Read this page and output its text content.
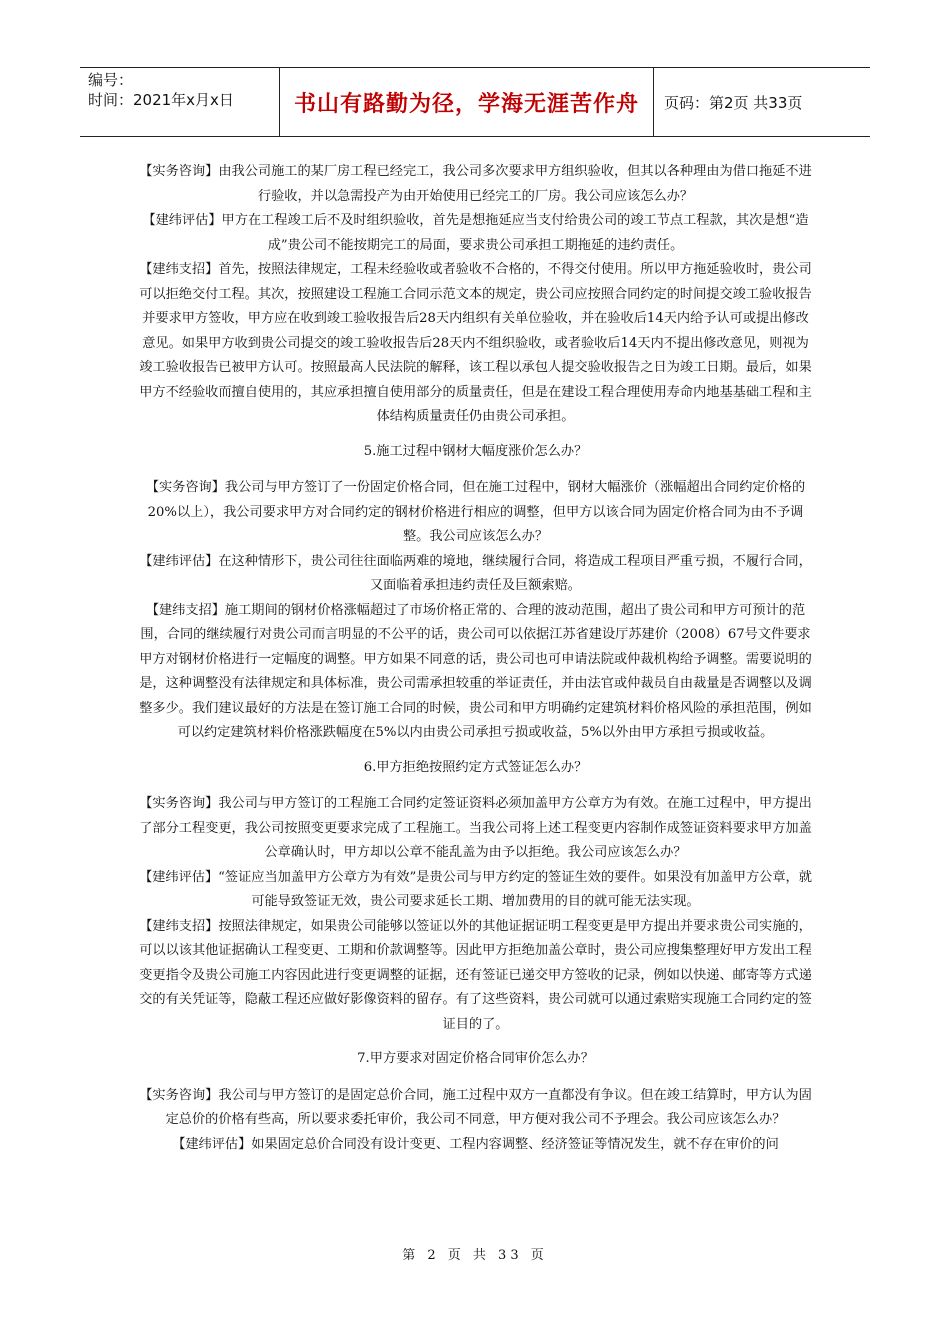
编号：
时间：2021年x月x日	书山有路勤为径，学海无涯苦作舟 页码：第2页 共33页

【实务咨询】由我公司施工的某厂房工程已经完工，我公司多次要求甲方组织验收，但其以各种理由为借口拖延不进行验收，并以急需投产为由开始使用已经完工的厂房。我公司应该怎么办？

【建纬评估】甲方在工程竣工后不及时组织验收，首先是想拖延应当支付给贵公司的竣工节点工程款，其次是想“造成”贵公司不能按期完工的局面，要求贵公司承担工期拖延的违约责任。

【建纬支招】首先，按照法律规定，工程未经验收或者验收不合格的，不得交付使用。所以甲方拖延验收时，贵公司可以拒绝交付工程。其次，按照建设工程施工合同示范文本的规定，贵公司应按照合同约定的时间提交竣工验收报告并要求甲方签收，甲方应在收到竣工验收报告后28天内组织有关单位验收，并在验收后14天内给予认可或提出修改意见。如果甲方收到贵公司提交的竣工验收报告后28天内不组织验收，或者验收后14天内不提出修改意见，则视为竣工验收报告已被甲方认可。按照最高人民法院的解释，该工程以承包人提交验收报告之日为竣工日期。最后，如果甲方不经验收而擅自使用的，其应承担擅自使用部分的质量责任，但是在建设工程合理使用寿命内地基基础工程和主体结构质量责任仍由贵公司承担。

5.施工过程中钢材大幅度涨价怎么办？

【实务咨询】我公司与甲方签订了一份固定价格合同，但在施工过程中，钢材大幅涨价（涨幅超出合同约定价格的20%以上），我公司要求甲方对合同约定的钢材价格进行相应的调整，但甲方以该合同为固定价格合同为由不予调整。我公司应该怎么办？

【建纬评估】在这种情形下，贵公司往往面临两难的境地，继续履行合同，将造成工程项目严重亏损，不履行合同，又面临着承担违约责任及巨额索赔。

【建纬支招】施工期间的钢材价格涨幅超过了市场价格正常的、合理的波动范围，超出了贵公司和甲方可预计的范围，合同的继续履行对贵公司而言明显的不公平的话，贵公司可以依据江苏省建设厅苏建价（2008）67号文件要求甲方对钢材价格进行一定幅度的调整。甲方如果不同意的话，贵公司也可申请法院或仲裁机构给予调整。需要说明的是，这种调整没有法律规定和具体标准，贵公司需承担较重的举证责任，并由法官或仲裁员自由裁量是否调整以及调整多少。我们建议最好的方法是在签订施工合同的时候，贵公司和甲方明确约定建筑材料价格风险的承担范围，例如可以约定建筑材料价格涨跌幅度在5%以内由贵公司承担亏损或收益，5%以外由甲方承担亏损或收益。

6.甲方拒绝按照约定方式签证怎么办？

【实务咨询】我公司与甲方签订的工程施工合同约定签证资料必须加盖甲方公章方为有效。在施工过程中，甲方提出了部分工程变更，我公司按照变更要求完成了工程施工。当我公司将上述工程变更内容制作成签证资料要求甲方加盖公章确认时，甲方却以公章不能乱盖为由予以拒绝。我公司应该怎么办？

【建纬评估】“签证应当加盖甲方公章方为有效”是贵公司与甲方约定的签证生效的要件。如果没有加盖甲方公章，就可能导致签证无效，贵公司要求延长工期、增加费用的目的就可能无法实现。

【建纬支招】按照法律规定，如果贵公司能够以签证以外的其他证据证明工程变更是甲方提出并要求贵公司实施的，可以以该其他证据确认工程变更、工期和价款调整等。因此甲方拒绝加盖公章时，贵公司应搜集整理好甲方发出工程变更指令及贵公司施工内容因此进行变更调整的证据，还有签证已递交甲方签收的记录，例如以快递、邮寄等方式递交的有关凭证等，隐蔽工程还应做好影像资料的留存。有了这些资料，贵公司就可以通过索赔实现施工合同约定的签证目的了。

7.甲方要求对固定价格合同审价怎么办？

【实务咨询】我公司与甲方签订的是固定总价合同，施工过程中双方一直都没有争议。但在竣工结算时，甲方认为固定总价的价格有些高，所以要求委托审价，我公司不同意，甲方便对我公司不予理会。我公司应该怎么办？

【建纬评估】如果固定总价合同没有设计变更、工程内容调整、经济签证等情况发生，就不存在审价的问

第 2 页 共 33 页
